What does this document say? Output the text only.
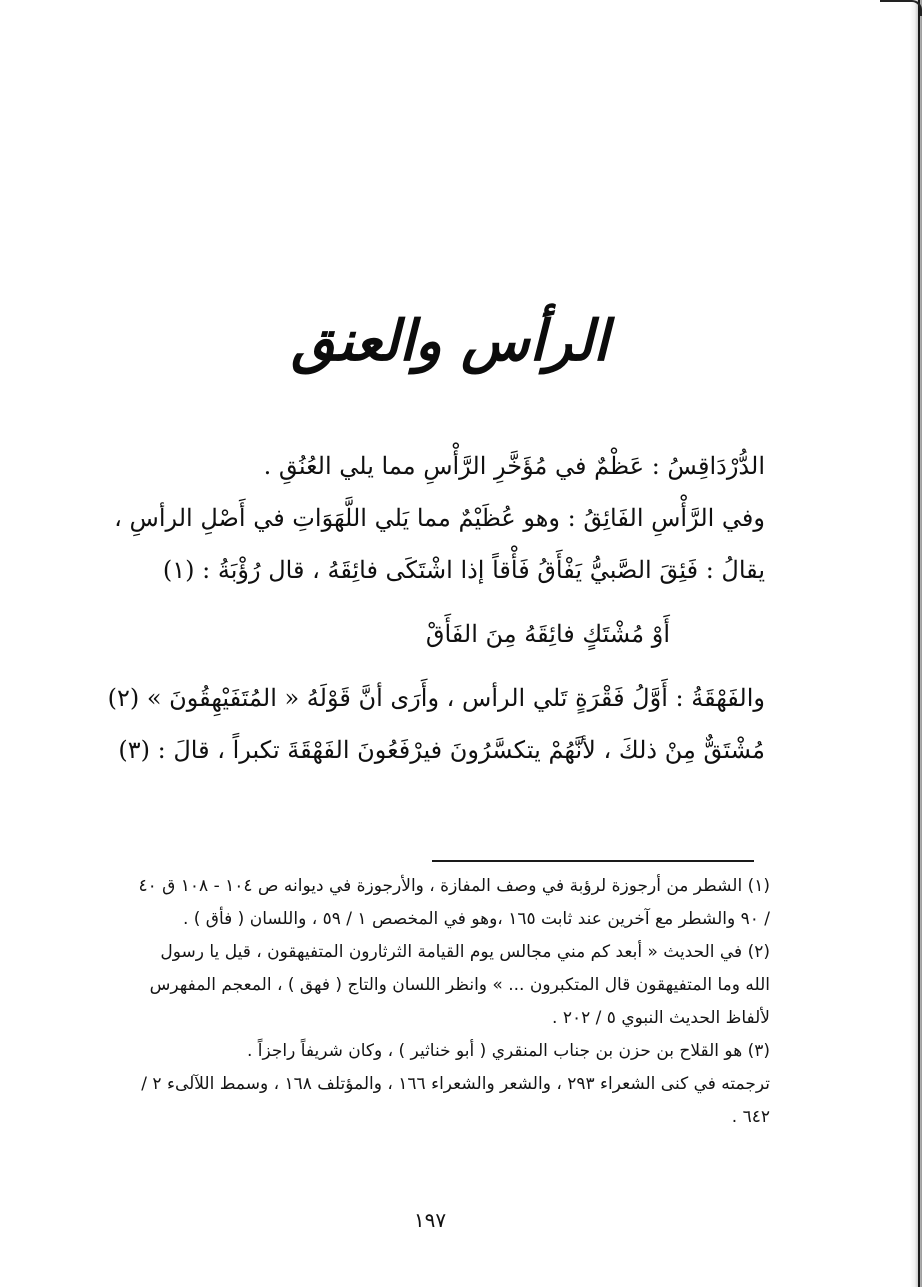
الرأس والعنق

الدُّرْدَاقِسُ : عَظْمٌ في مُؤَخَّرِ الرَّأْسِ مما يلي العُنُقِ .

وفي الرَّأْسِ الفَائِقُ : وهو عُظَيْمٌ مما يَلي اللَّهَوَاتِ في أَصْلِ الرأسِ ، يقالُ : فَئِقَ الصَّبيُّ يَفْأَقُ فَأْقاً إذا اشْتَكَى فائِقَهُ ، قال رُؤْبَةُ : (١)

أَوْ مُشْتَكٍ فائِقَهُ مِنَ الفَأَقْ

والفَهْقَةُ : أَوَّلُ فَقْرَةٍ تَلي الرأس ، وأَرَى أنَّ قَوْلَهُ « المُتَفَيْهِقُونَ » (٢) مُشْتَقٌّ مِنْ ذلكَ ، لأنَّهُمْ يتكسَّرُونَ فيرْفَعُونَ الفَهْقَةَ تكبراً ، قالَ : (٣)

(١) الشطر من أرجوزة لرؤبة في وصف المفازة ، والأرجوزة في ديوانه ص ١٠٤ - ١٠٨ ق ٤٠ / ٩٠ والشطر مع آخرين عند ثابت ١٦٥ ،وهو في المخصص ١ / ٥٩ ، واللسان ( فأق ) .

(٢) في الحديث « أبعد كم مني مجالس يوم القيامة الثرثارون المتفيهقون ، قيل يا رسول الله وما المتفيهقون قال المتكبرون ... » وانظر اللسان والتاج ( فهق ) ، المعجم المفهرس لألفاظ الحديث النبوي ٥ / ٢٠٢ .

(٣) هو القلاح بن حزن بن جناب المنقري ( أبو خناثير ) ، وكان شريفاً راجزاً .

ترجمته في كنى الشعراء ٢٩٣ ، والشعر والشعراء ١٦٦ ، والمؤتلف ١٦٨ ، وسمط اللآلىء ٢ / ٦٤٢ .

١٩٧
